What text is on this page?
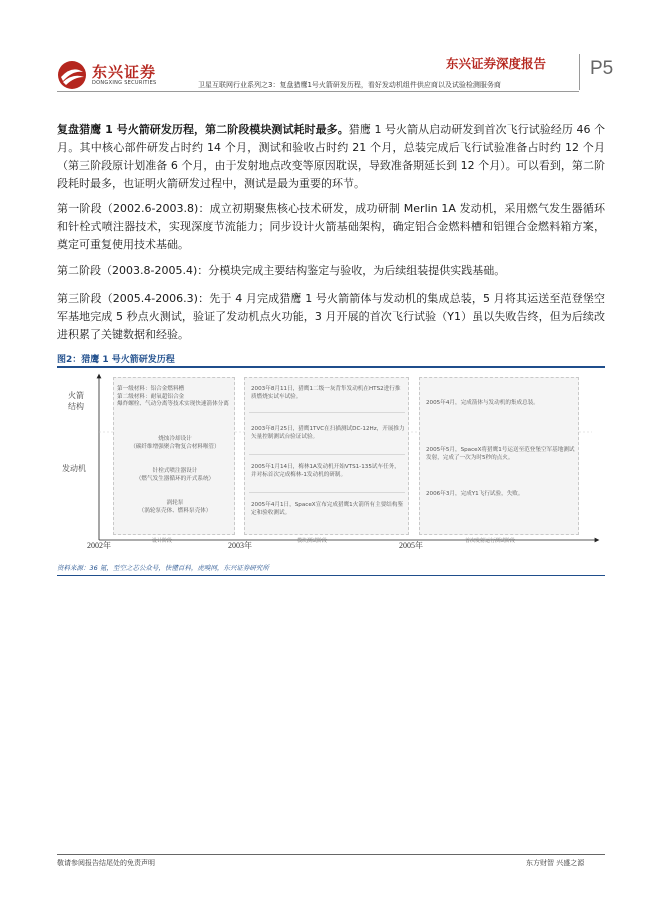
东兴证券
DONGXING SECURITIES
东兴证券深度报告 P5
卫星互联网行业系列之3：复盘猎鹰1号火箭研发历程，看好发动机组件供应商以及试验检测服务商
复盘猎鹰 1 号火箭研发历程，第二阶段模块测试耗时最多。猎鹰 1 号火箭从启动研发到首次飞行试验经历 46 个月。其中核心部件研发占时约 14 个月，测试和验收占时约 21 个月，总装完成后飞行试验准备占时约 12 个月（第三阶段原计划准备 6 个月，由于发射地点改变等原因耽误，导致准备期延长到 12 个月）。可以看到，第二阶段耗时最多，也证明火箭研发过程中，测试是最为重要的环节。
第一阶段（2002.6-2003.8)：成立初期聚焦核心技术研发，成功研制 Merlin 1A 发动机，采用燃气发生器循环和针栓式喷注器技术，实现深度节流能力；同步设计火箭基础架构，确定铝合金燃料槽和铝锂合金燃料箱方案，奠定可重复使用技术基础。
第二阶段（2003.8-2005.4)：分模块完成主要结构鉴定与验收，为后续组装提供实践基础。
第三阶段（2005.4-2006.3)：先于 4 月完成猎鹰 1 号火箭箭体与发动机的集成总装，5 月将其运送至范登堡空军基地完成 5 秒点火测试，验证了发动机点火功能，3 月开展的首次飞行试验（Y1）虽以失败告终，但为后续改进积累了关键数据和经验。
图2：猎鹰 1 号火箭研发历程
火箭结构
发动机
第一级材料：铝合金燃料槽
第二级材料：耐氧超铝合金
爆炸螺栓、气动分离等技术实现快速箭体分离
烧蚀冷却设计
（碳纤维增强聚合物复合材料喉管）
针栓式喷注器设计
（燃气发生器循环的开式系统）
涡轮泵
（涡轮泵壳体、燃料泵壳体）
2003年8月11日，猎鹰1二级一灰背隼发动机在HTS2进行推质燃烧实试车试验。
2003年8月25日，猎鹰1TVC在扫描测试DC-12Hz，开展推力矢量控制测试台验证试验。
2005年1月14日，梅林1A发动机开始VTS1-135试车任务，并对标首次完成梅林-1发动机的研制。
2005年4月1日，SpaceX宣布完成猎鹰1火箭所有主要结构鉴定和验收测试。
2005年4月，完成箭体与发动机的集成总装。
2005年5月，SpaceX将猎鹰1号运送至范登堡空军基地测试发射，完成了一次为时5秒的点火。
2006年3月，完成Y1飞行试验，失败。
设计阶段	模块测试阶段	首次发射运行测试阶段
2002年	2003年	2005年
资料来源：36 氪，至空之芯公众号，快懂百科，虎嗅网，东兴证券研究所
敬请参阅报告结尾处的免责声明	东方财智 兴盛之源
